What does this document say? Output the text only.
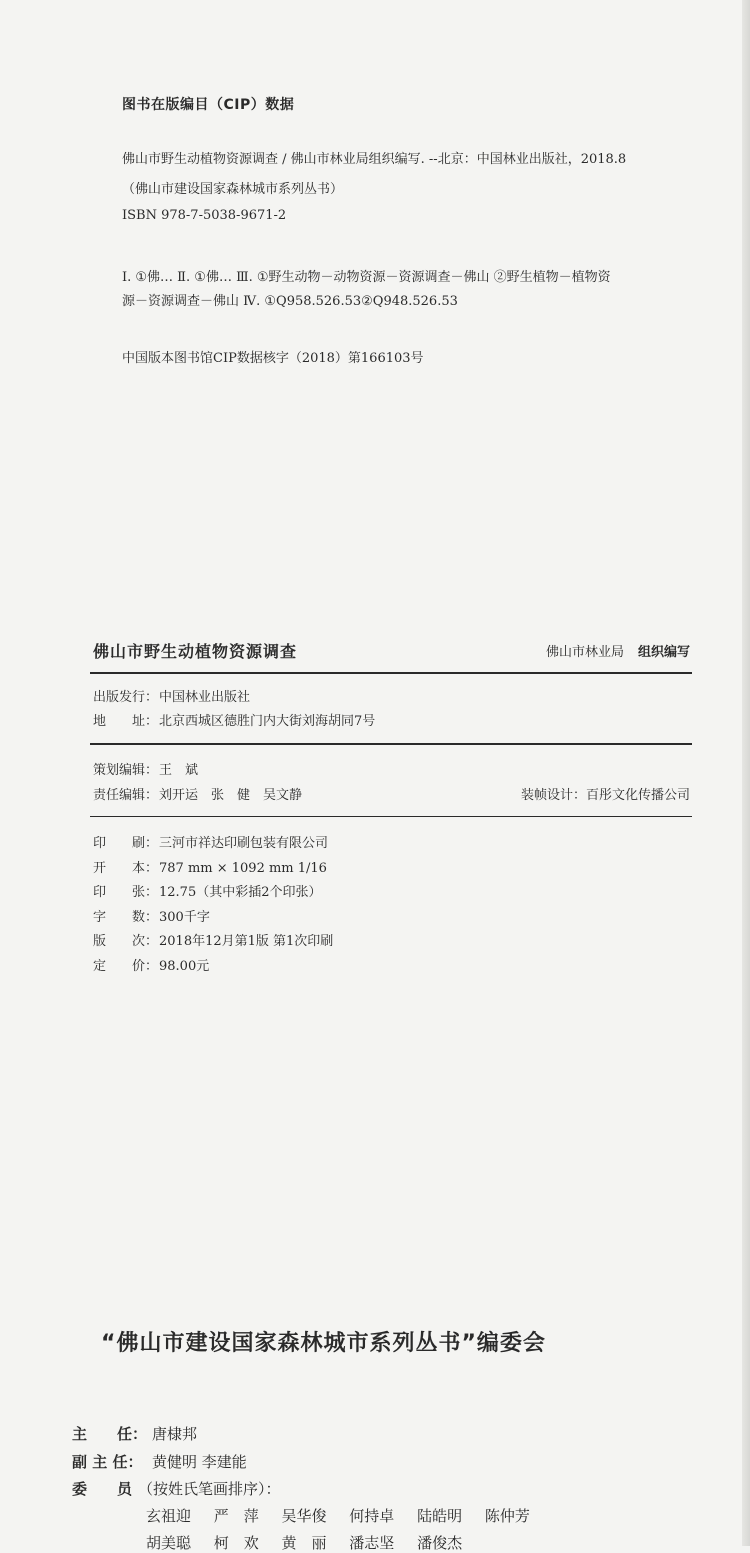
图书在版编目（CIP）数据
佛山市野生动植物资源调查 / 佛山市林业局组织编写. --北京：中国林业出版社，2018.8
（佛山市建设国家森林城市系列丛书）
ISBN 978-7-5038-9671-2
Ⅰ. ①佛… Ⅱ. ①佛… Ⅲ. ①野生动物－动物资源－资源调查－佛山 ②野生植物－植物资
源－资源调查－佛山 Ⅳ. ①Q958.526.53②Q948.526.53
中国版本图书馆CIP数据核字（2018）第166103号
佛山市野生动植物资源调查	佛山市林业局 组织编写
出版发行：中国林业出版社
地　　址：北京西城区德胜门内大街刘海胡同7号
策划编辑：王　斌
责任编辑：刘开运　张　健　吴文静	装帧设计：百彤文化传播公司
印　　刷：三河市祥达印刷包装有限公司
开　　本：787 mm × 1092 mm 1/16
印　　张：12.75（其中彩插2个印张）
字　　数：300千字
版　　次：2018年12月第1版 第1次印刷
定　　价：98.00元
“佛山市建设国家森林城市系列丛书”编委会
主　　任： 唐棣邦
副 主 任： 黄健明 李建能
委　　员 （按姓氏笔画排序）：
玄祖迎 严　萍 吴华俊 何持卓 陆皓明 陈仲芳
胡美聪 柯　欢 黄　丽 潘志坚 潘俊杰
